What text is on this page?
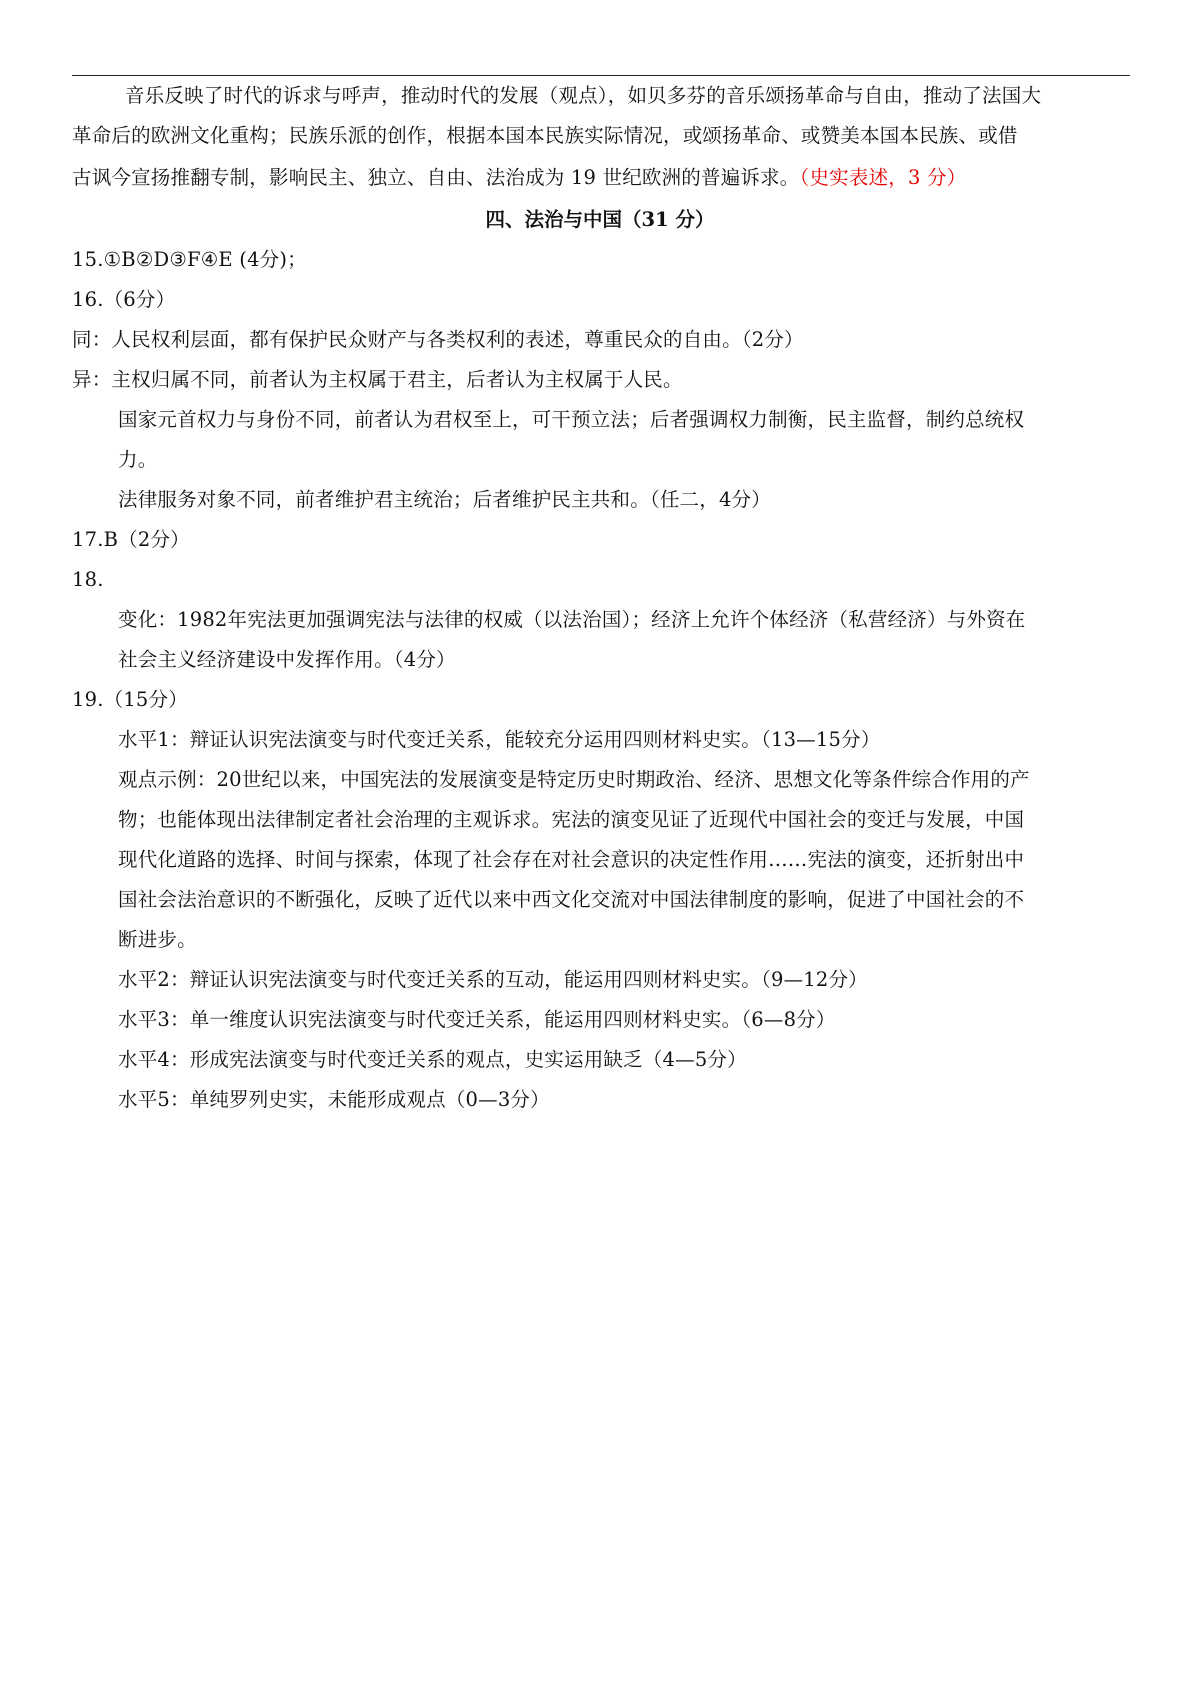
音乐反映了时代的诉求与呼声，推动时代的发展（观点），如贝多芬的音乐颂扬革命与自由，推动了法国大
革命后的欧洲文化重构；民族乐派的创作，根据本国本民族实际情况，或颂扬革命、或赞美本国本民族、或借
古讽今宣扬推翻专制，影响民主、独立、自由、法治成为 19 世纪欧洲的普遍诉求。（史实表述，3 分）
四、法治与中国（31 分）
15.①B②D③F④E (4分)；
16.（6分）
同：人民权利层面，都有保护民众财产与各类权利的表述，尊重民众的自由。（2分）
异：主权归属不同，前者认为主权属于君主，后者认为主权属于人民。
国家元首权力与身份不同，前者认为君权至上，可干预立法；后者强调权力制衡，民主监督，制约总统权
力。
法律服务对象不同，前者维护君主统治；后者维护民主共和。（任二，4分）
17.B（2分）
18.
变化：1982年宪法更加强调宪法与法律的权威（以法治国）；经济上允许个体经济（私营经济）与外资在
社会主义经济建设中发挥作用。（4分）
19.（15分）
水平1：辩证认识宪法演变与时代变迁关系，能较充分运用四则材料史实。（13—15分）
观点示例：20世纪以来，中国宪法的发展演变是特定历史时期政治、经济、思想文化等条件综合作用的产
物；也能体现出法律制定者社会治理的主观诉求。宪法的演变见证了近现代中国社会的变迁与发展，中国
现代化道路的选择、时间与探索，体现了社会存在对社会意识的决定性作用……宪法的演变，还折射出中
国社会法治意识的不断强化，反映了近代以来中西文化交流对中国法律制度的影响，促进了中国社会的不
断进步。
水平2：辩证认识宪法演变与时代变迁关系的互动，能运用四则材料史实。（9—12分）
水平3：单一维度认识宪法演变与时代变迁关系，能运用四则材料史实。（6—8分）
水平4：形成宪法演变与时代变迁关系的观点，史实运用缺乏（4—5分）
水平5：单纯罗列史实，未能形成观点（0—3分）
